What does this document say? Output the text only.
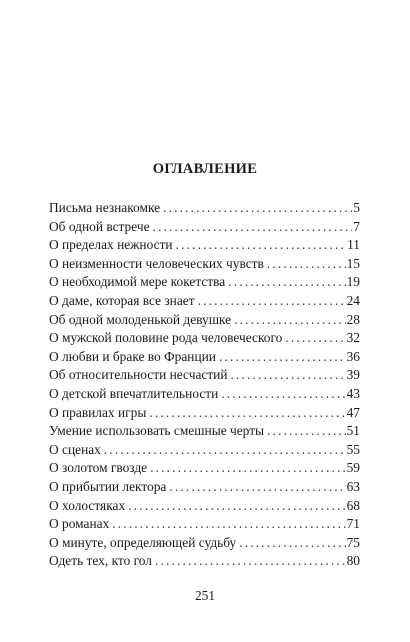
ОГЛАВЛЕНИЕ
Письма незнакомке . . .	5
Об одной встрече . . .	7
О пределах нежности . . .	11
О неизменности человеческих чувств . . .	15
О необходимой мере кокетства . . .	19
О даме, которая все знает . . .	24
Об одной молоденькой девушке . . .	28
О мужской половине рода человеческого . . .	32
О любви и браке во Франции . . .	36
Об относительности несчастий . . .	39
О детской впечатлительности . . .	43
О правилах игры . . .	47
Умение использовать смешные черты . . .	51
О сценах . . .	55
О золотом гвозде . . .	59
О прибытии лектора . . .	63
О холостяках . . .	68
О романах . . .	71
О минуте, определяющей судьбу . . .	75
Одеть тех, кто гол . . .	80
251
